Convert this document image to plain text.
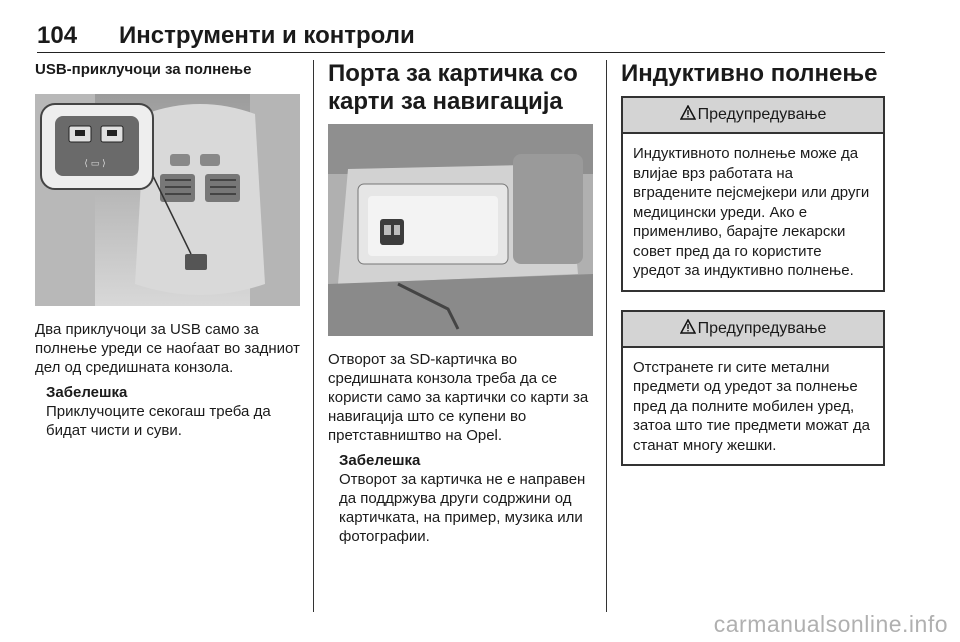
104 Инструменти и контроли
USB-приклучоци за полнење
⟨ ▭ ⟩

Два приклучоци за USB само за полнење уреди се наоѓаат во задниот дел од средишната конзола.

Забелешка
Приклучоците секогаш треба да бидат чисти и суви.
Порта за картичка со карти за навигација

Отворот за SD-картичка во средишната конзола треба да се користи само за картички со карти за навигација што се купени во претставништво на Opel.

Забелешка
Отворот за картичка не е направен да поддржува други содржини од картичката, на пример, музика или фотографии.
Индуктивно полнење
Предупредување
Индуктивното полнење може да влијае врз работата на вградените пејсмејкери или други медицински уреди. Ако е применливо, барајте лекарски совет пред да го користите уредот за индуктивно полнење.
Предупредување
Отстранете ги сите метални предмети од уредот за полнење пред да полните мобилен уред, затоа што тие предмети можат да станат многу жешки.
carmanualsonline.info
